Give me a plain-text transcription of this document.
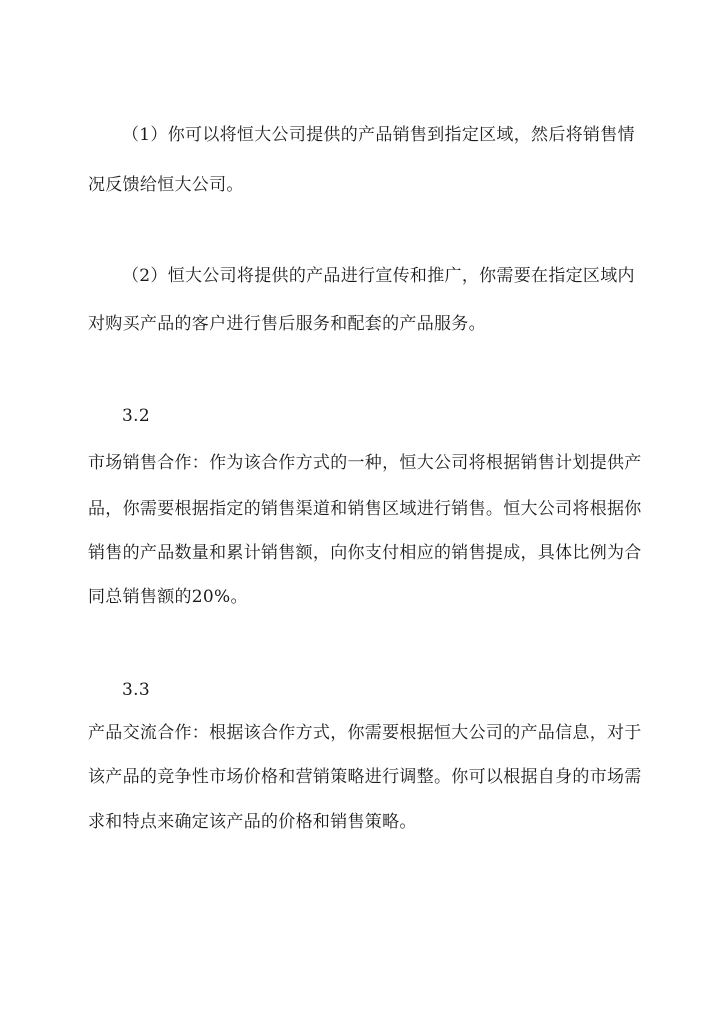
（1）你可以将恒大公司提供的产品销售到指定区域，然后将销售情

况反馈给恒大公司。

（2）恒大公司将提供的产品进行宣传和推广，你需要在指定区域内

对购买产品的客户进行售后服务和配套的产品服务。

3.2

市场销售合作：作为该合作方式的一种，恒大公司将根据销售计划提供产

品，你需要根据指定的销售渠道和销售区域进行销售。恒大公司将根据你

销售的产品数量和累计销售额，向你支付相应的销售提成，具体比例为合

同总销售额的20%。

3.3

产品交流合作：根据该合作方式，你需要根据恒大公司的产品信息，对于

该产品的竞争性市场价格和营销策略进行调整。你可以根据自身的市场需

求和特点来确定该产品的价格和销售策略。
